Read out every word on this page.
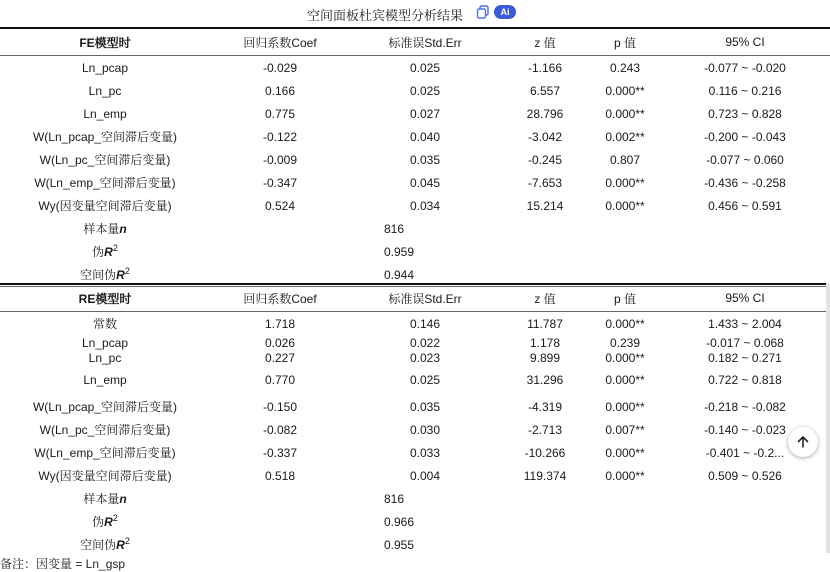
空间面板杜宾模型分析结果	Ai
FE模型时	回归系数Coef	标准误Std.Err	z 值	p 值	95% CI
Ln_pcap	-0.029	0.025	-1.166	0.243	-0.077 ~ -0.020
Ln_pc	0.166	0.025	6.557	0.000**	0.116 ~ 0.216
Ln_emp	0.775	0.027	28.796	0.000**	0.723 ~ 0.828
W(Ln_pcap_空间滞后变量)	-0.122	0.040	-3.042	0.002**	-0.200 ~ -0.043
W(Ln_pc_空间滞后变量)	-0.009	0.035	-0.245	0.807	-0.077 ~ 0.060
W(Ln_emp_空间滞后变量)	-0.347	0.045	-7.653	0.000**	-0.436 ~ -0.258
Wy(因变量空间滞后变量)	0.524	0.034	15.214	0.000**	0.456 ~ 0.591
样本量n		816			
伪$R^2$		0.959			
空间伪$R^2$		0.944			
RE模型时	回归系数Coef	标准误Std.Err	z 值	p 值	95% CI
常数	1.718	0.146	11.787	0.000**	1.433 ~ 2.004
Ln_pcap	0.026	0.022	1.178	0.239	-0.017 ~ 0.068
Ln_pc	0.227	0.023	9.899	0.000**	0.182 ~ 0.271
Ln_emp	0.770	0.025	31.296	0.000**	0.722 ~ 0.818
W(Ln_pcap_空间滞后变量)	-0.150	0.035	-4.319	0.000**	-0.218 ~ -0.082
W(Ln_pc_空间滞后变量)	-0.082	0.030	-2.713	0.007**	-0.140 ~ -0.023
W(Ln_emp_空间滞后变量)	-0.337	0.033	-10.266	0.000**	-0.401 ~ -0.2...
Wy(因变量空间滞后变量)	0.518	0.004	119.374	0.000**	0.509 ~ 0.526
样本量n		816			
伪$R^2$		0.966			
空间伪$R^2$		0.955			
备注：因变量 = Ln_gsp
